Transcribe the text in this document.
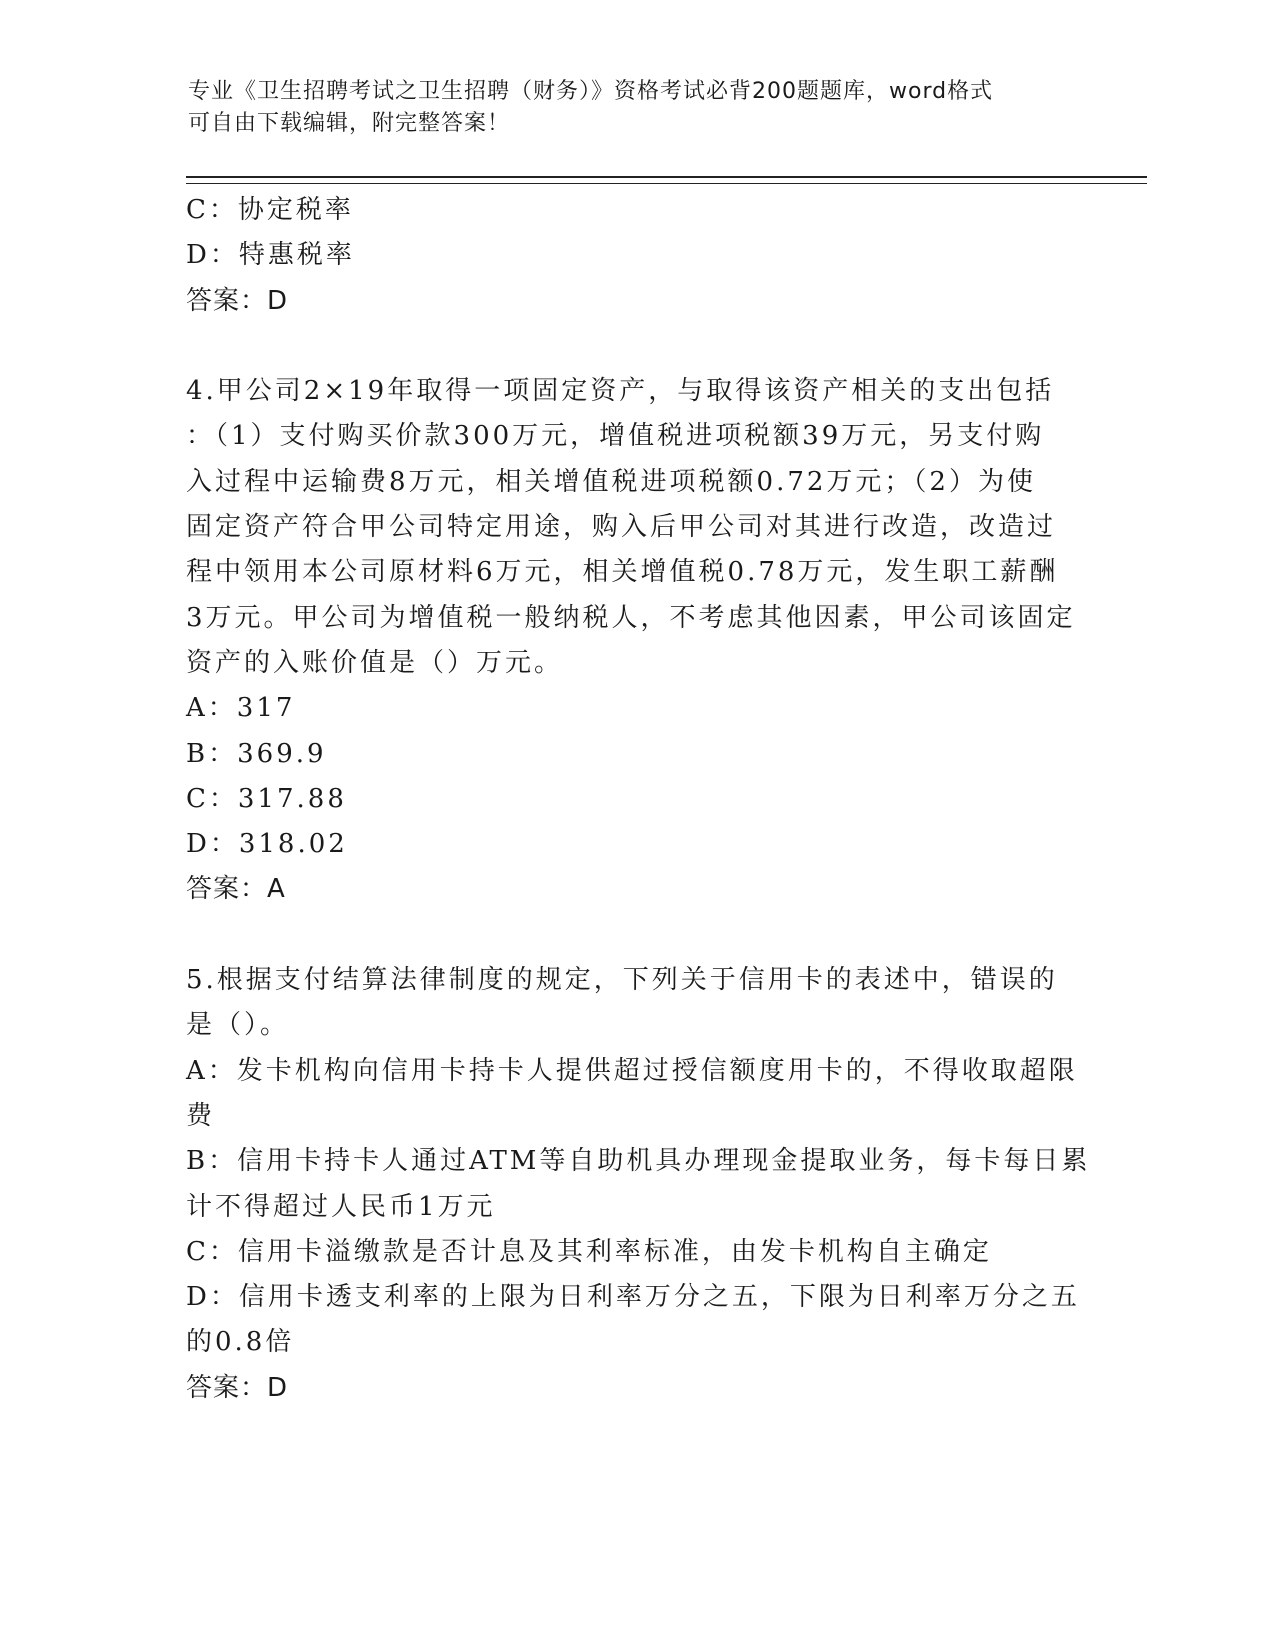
专业《卫生招聘考试之卫生招聘（财务）》资格考试必背200题题库，word格式
可自由下载编辑，附完整答案！
C：协定税率
D：特惠税率
答案：D
4.甲公司2×19年取得一项固定资产，与取得该资产相关的支出包括
：（1）支付购买价款300万元，增值税进项税额39万元，另支付购
入过程中运输费8万元，相关增值税进项税额0.72万元；（2）为使
固定资产符合甲公司特定用途，购入后甲公司对其进行改造，改造过
程中领用本公司原材料6万元，相关增值税0.78万元，发生职工薪酬
3万元。甲公司为增值税一般纳税人，不考虑其他因素，甲公司该固定
资产的入账价值是（）万元。
A：317
B：369.9
C：317.88
D：318.02
答案：A
5.根据支付结算法律制度的规定，下列关于信用卡的表述中，错误的
是（）。
A：发卡机构向信用卡持卡人提供超过授信额度用卡的，不得收取超限
费
B：信用卡持卡人通过ATM等自助机具办理现金提取业务，每卡每日累
计不得超过人民币1万元
C：信用卡溢缴款是否计息及其利率标准，由发卡机构自主确定
D：信用卡透支利率的上限为日利率万分之五，下限为日利率万分之五
的0.8倍
答案：D
